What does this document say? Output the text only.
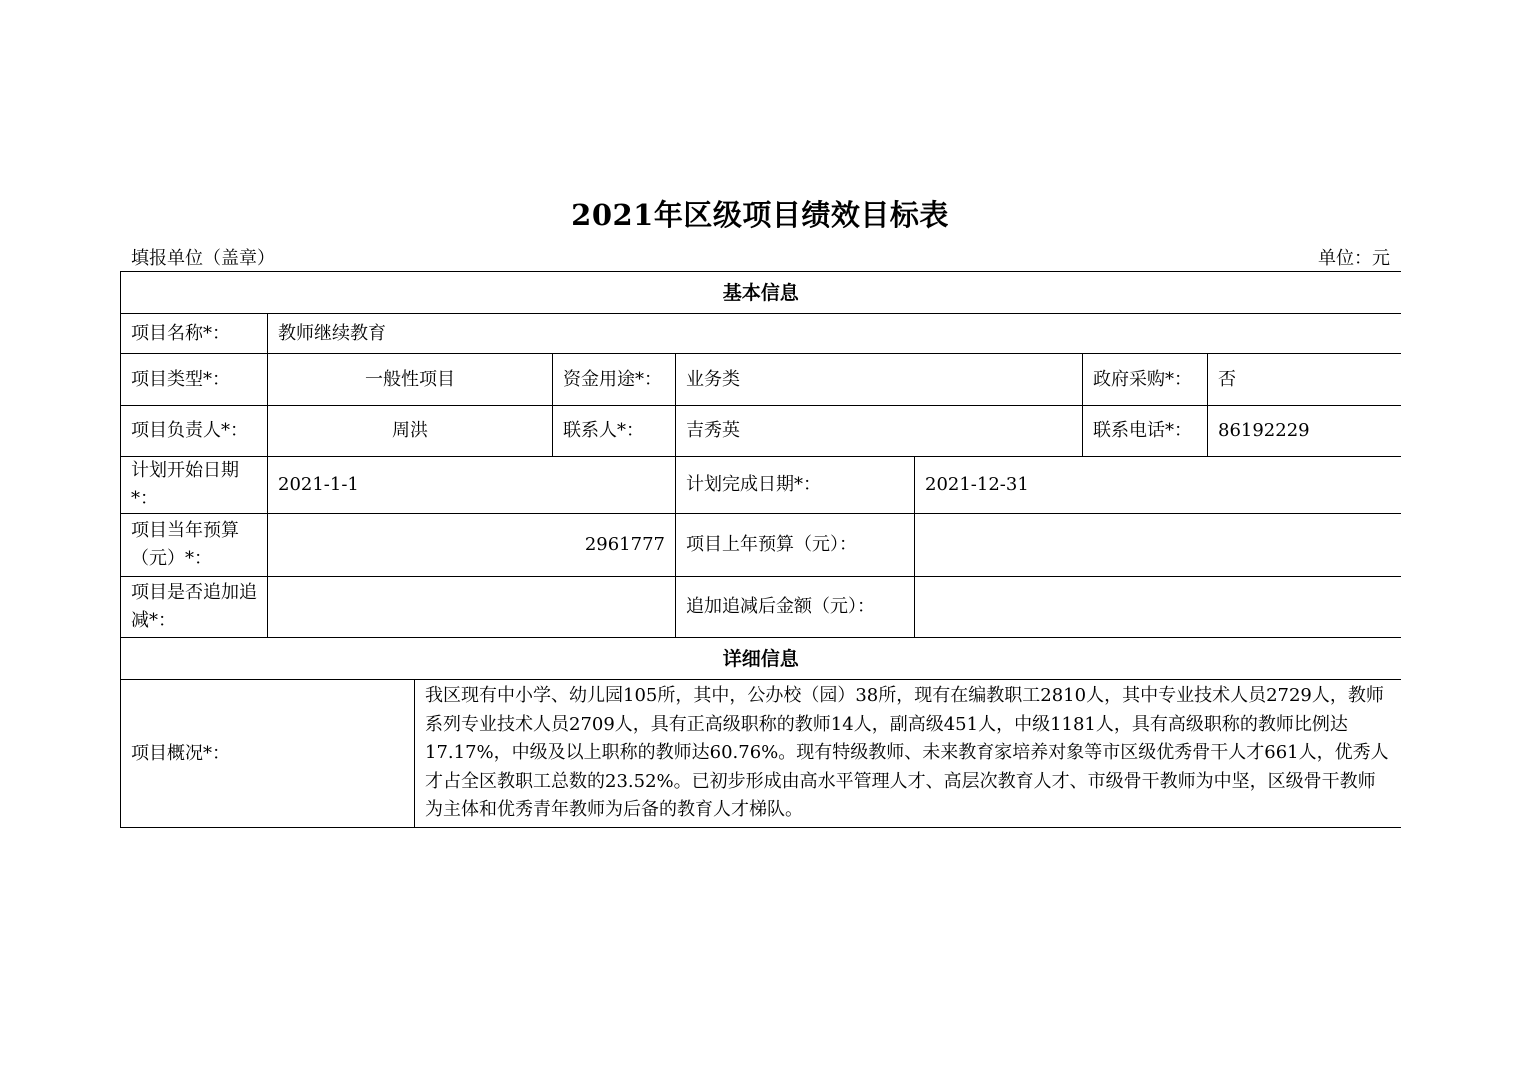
2021年区级项目绩效目标表
填报单位（盖章）	单位：元
基本信息							
项目名称*：	教师继续教育						
项目类型*：	一般性项目		资金用途*：	业务类		政府采购*：	否
项目负责人*：	周洪		联系人*：	吉秀英		联系电话*：	86192229
计划开始日期*：	2021-1-1			计划完成日期*：	2021-12-31		
项目当年预算（元）*：	2961777			项目上年预算（元）：			
项目是否追加追减*：				追加追减后金额（元）：			
详细信息							
项目概况*：		我区现有中小学、幼儿园105所，其中，公办校（园）38所，现有在编教职工2810人，其中专业技术人员2729人，教师系列专业技术人员2709人，具有正高级职称的教师14人，副高级451人，中级1181人，具有高级职称的教师比例达17.17%，中级及以上职称的教师达60.76%。现有特级教师、未来教育家培养对象等市区级优秀骨干人才661人，优秀人才占全区教职工总数的23.52%。已初步形成由高水平管理人才、高层次教育人才、市级骨干教师为中坚，区级骨干教师为主体和优秀青年教师为后备的教育人才梯队。					
